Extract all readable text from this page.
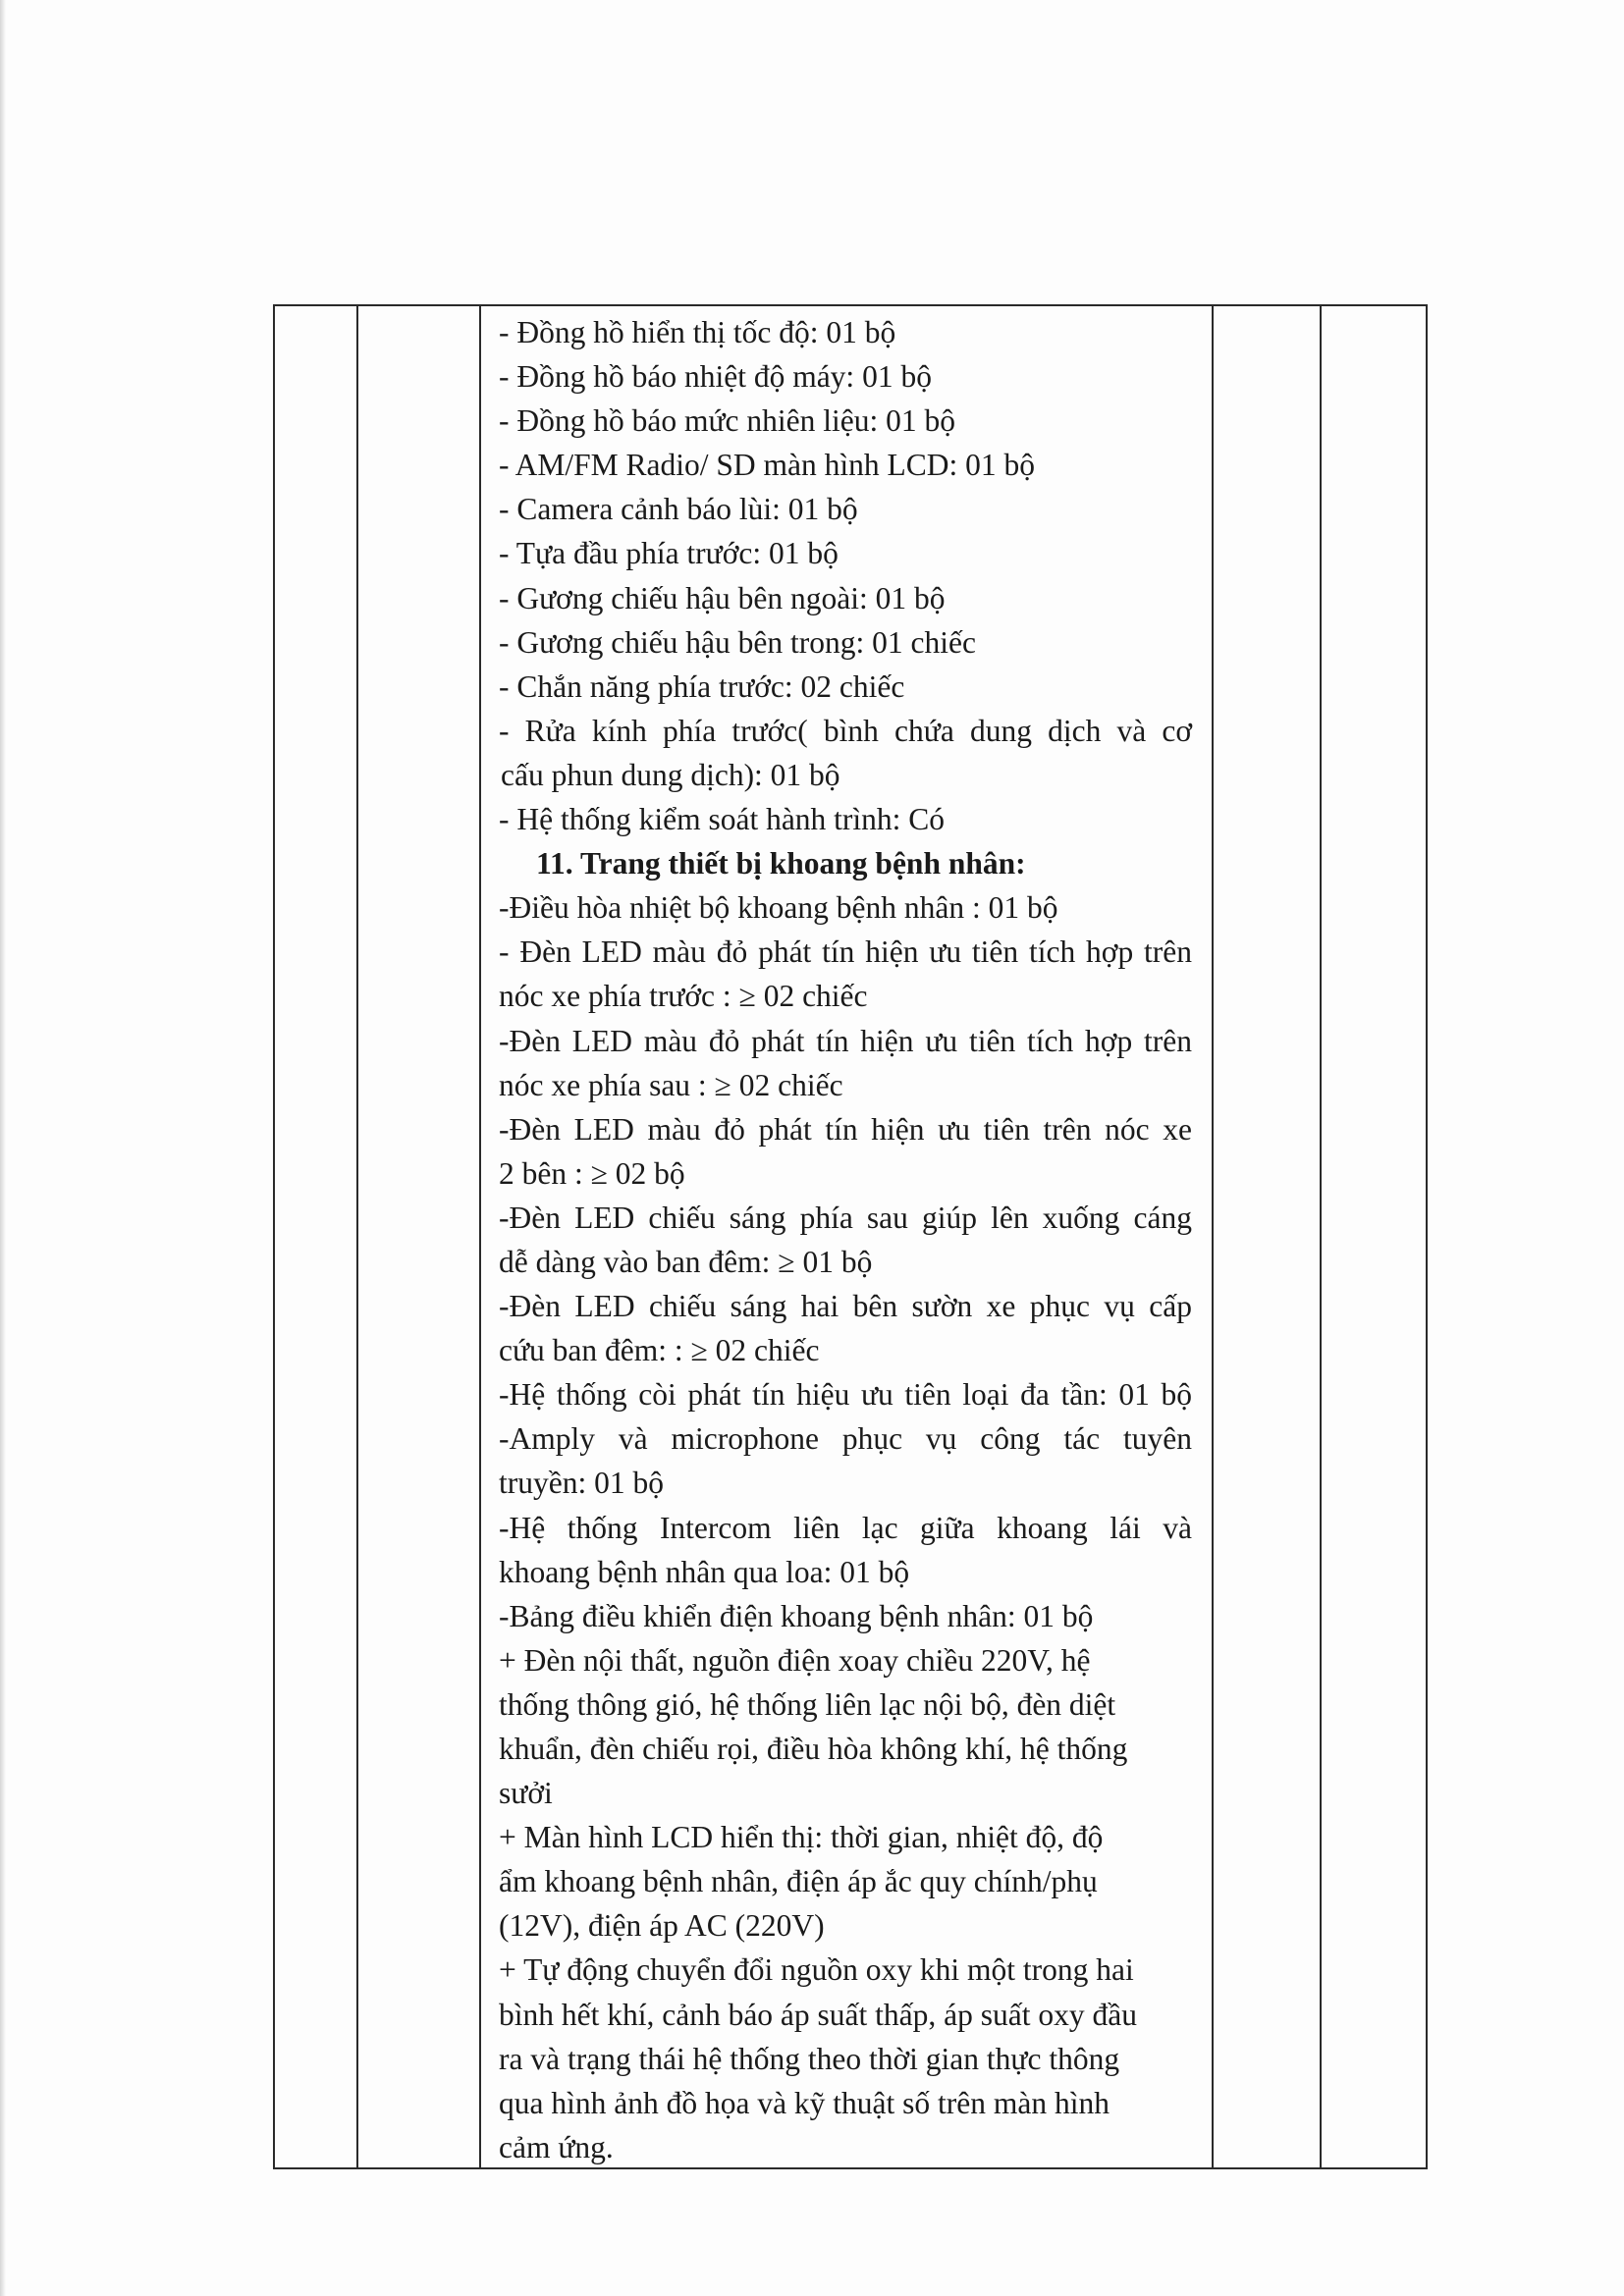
- Đồng hồ hiển thị tốc độ: 01 bộ

- Đồng hồ báo nhiệt độ máy: 01 bộ

- Đồng hồ báo mức nhiên liệu: 01 bộ

- AM/FM Radio/ SD màn hình LCD: 01 bộ

- Camera cảnh báo lùi: 01 bộ

- Tựa đầu phía trước: 01 bộ

- Gương chiếu hậu bên ngoài: 01 bộ

- Gương chiếu hậu bên trong: 01 chiếc

- Chắn năng phía trước: 02 chiếc

- Rửa kính phía trước( bình chứa dung dịch và cơ

cấu phun dung dịch): 01 bộ

- Hệ thống kiểm soát hành trình: Có

11. Trang thiết bị khoang bệnh nhân:

-Điều hòa nhiệt bộ khoang bệnh nhân : 01 bộ

- Đèn LED màu đỏ phát tín hiện ưu tiên tích hợp trên

nóc xe phía trước : ≥ 02 chiếc

-Đèn LED màu đỏ phát tín hiện ưu tiên tích hợp trên

nóc xe phía sau : ≥ 02 chiếc

-Đèn LED màu đỏ phát tín hiện ưu tiên trên nóc xe

2 bên : ≥ 02 bộ

-Đèn LED chiếu sáng phía sau giúp lên xuống cáng

dễ dàng vào ban đêm: ≥ 01 bộ

-Đèn LED chiếu sáng hai bên sườn xe phục vụ cấp

cứu ban đêm: : ≥ 02 chiếc

-Hệ thống còi phát tín hiệu ưu tiên loại đa tần: 01 bộ

-Amply và microphone phục vụ công tác tuyên

truyền: 01 bộ

-Hệ thống Intercom liên lạc giữa khoang lái và

khoang bệnh nhân qua loa: 01 bộ

-Bảng điều khiển điện khoang bệnh nhân: 01 bộ

+ Đèn nội thất, nguồn điện xoay chiều 220V, hệ

thống thông gió, hệ thống liên lạc nội bộ, đèn diệt

khuẩn, đèn chiếu rọi, điều hòa không khí, hệ thống

sưởi

+ Màn hình LCD hiển thị: thời gian, nhiệt độ, độ

ẩm khoang bệnh nhân, điện áp ắc quy chính/phụ

(12V), điện áp AC (220V)

+ Tự động chuyển đổi nguồn oxy khi một trong hai

bình hết khí, cảnh báo áp suất thấp, áp suất oxy đầu

ra và trạng thái hệ thống theo thời gian thực thông

qua hình ảnh đồ họa và kỹ thuật số trên màn hình

cảm ứng.
